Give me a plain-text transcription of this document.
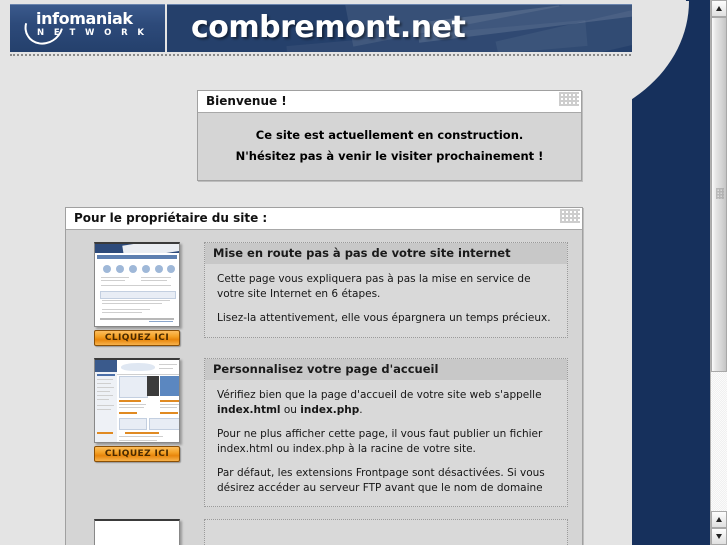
infomaniak
N E T W O R K combremont.net
Bienvenue !

Ce site est actuellement en construction.

N'hésitez pas à venir le visiter prochainement !

Pour le propriétaire du site :
CLIQUEZ ICI
Mise en route pas à pas de votre site internet

Cette page vous expliquera pas à pas la mise en service de votre site Internet en 6 étapes.

Lisez-la attentivement, elle vous épargnera un temps précieux.

CLIQUEZ ICI
Personnalisez votre page d'accueil

Vérifiez bien que la page d'accueil de votre site web s'appelle index.html ou index.php.

Pour ne plus afficher cette page, il vous faut publier un fichier index.html ou index.php à la racine de votre site.

Par défaut, les extensions Frontpage sont désactivées. Si vous désirez accéder au serveur FTP avant que le nom de domaine
